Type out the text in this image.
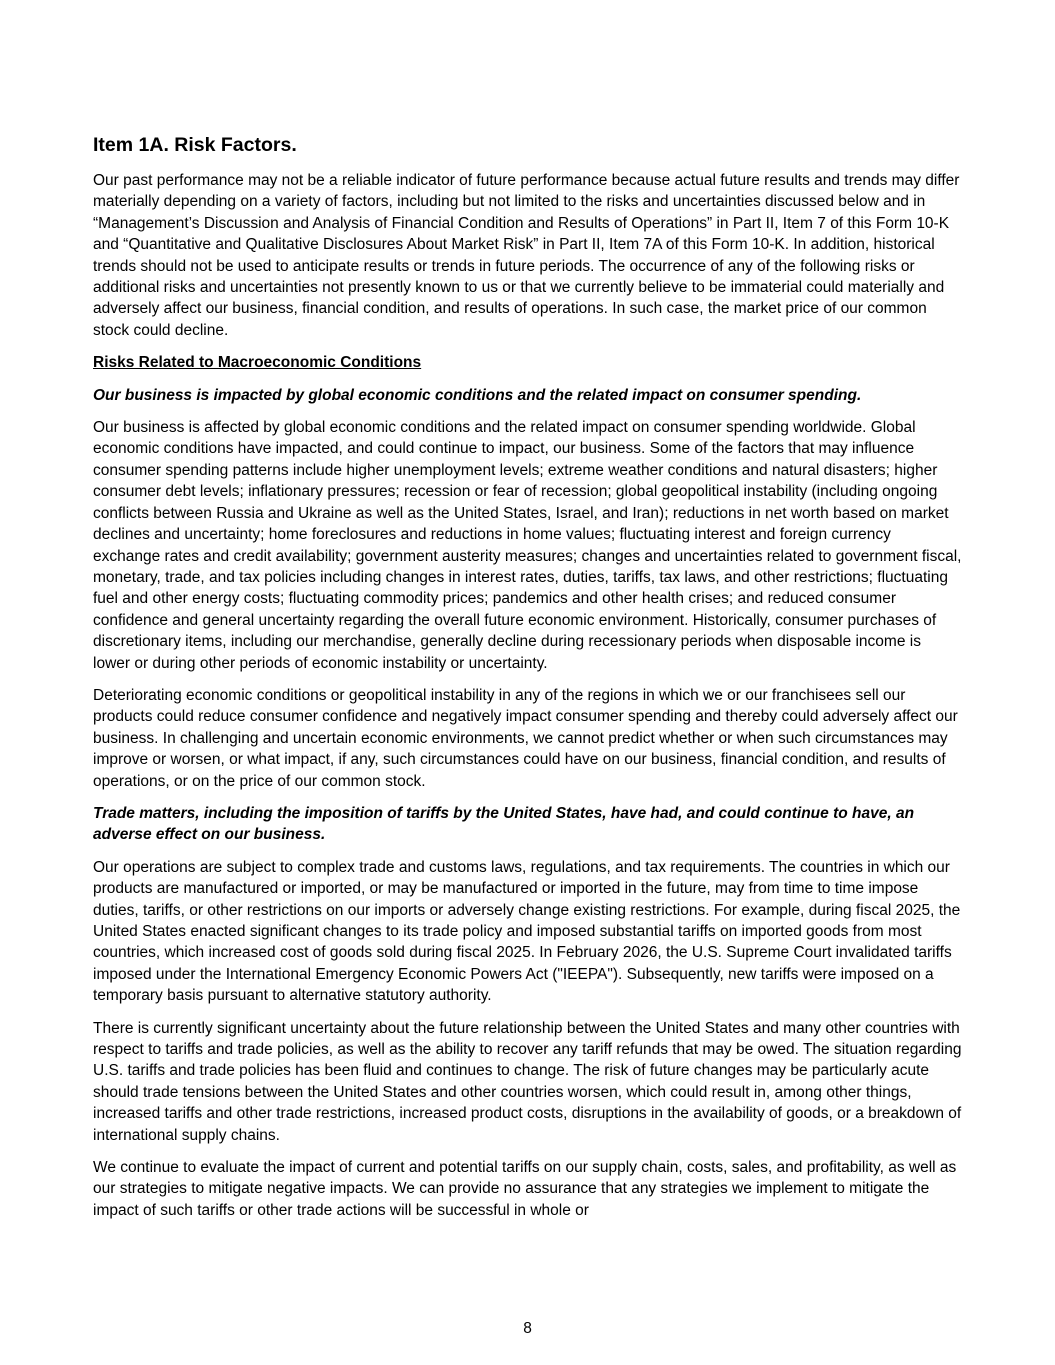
Item 1A. Risk Factors.

Our past performance may not be a reliable indicator of future performance because actual future results and trends may differ materially depending on a variety of factors, including but not limited to the risks and uncertainties discussed below and in “Management’s Discussion and Analysis of Financial Condition and Results of Operations” in Part II, Item 7 of this Form 10-K and “Quantitative and Qualitative Disclosures About Market Risk” in Part II, Item 7A of this Form 10-K. In addition, historical trends should not be used to anticipate results or trends in future periods. The occurrence of any of the following risks or additional risks and uncertainties not presently known to us or that we currently believe to be immaterial could materially and adversely affect our business, financial condition, and results of operations. In such case, the market price of our common stock could decline.

Risks Related to Macroeconomic Conditions
Our business is impacted by global economic conditions and the related impact on consumer spending.

Our business is affected by global economic conditions and the related impact on consumer spending worldwide. Global economic conditions have impacted, and could continue to impact, our business. Some of the factors that may influence consumer spending patterns include higher unemployment levels; extreme weather conditions and natural disasters; higher consumer debt levels; inflationary pressures; recession or fear of recession; global geopolitical instability (including ongoing conflicts between Russia and Ukraine as well as the United States, Israel, and Iran); reductions in net worth based on market declines and uncertainty; home foreclosures and reductions in home values; fluctuating interest and foreign currency exchange rates and credit availability; government austerity measures; changes and uncertainties related to government fiscal, monetary, trade, and tax policies including changes in interest rates, duties, tariffs, tax laws, and other restrictions; fluctuating fuel and other energy costs; fluctuating commodity prices; pandemics and other health crises; and reduced consumer confidence and general uncertainty regarding the overall future economic environment. Historically, consumer purchases of discretionary items, including our merchandise, generally decline during recessionary periods when disposable income is lower or during other periods of economic instability or uncertainty.

Deteriorating economic conditions or geopolitical instability in any of the regions in which we or our franchisees sell our products could reduce consumer confidence and negatively impact consumer spending and thereby could adversely affect our business. In challenging and uncertain economic environments, we cannot predict whether or when such circumstances may improve or worsen, or what impact, if any, such circumstances could have on our business, financial condition, and results of operations, or on the price of our common stock.

Trade matters, including the imposition of tariffs by the United States, have had, and could continue to have, an adverse effect on our business.

Our operations are subject to complex trade and customs laws, regulations, and tax requirements. The countries in which our products are manufactured or imported, or may be manufactured or imported in the future, may from time to time impose duties, tariffs, or other restrictions on our imports or adversely change existing restrictions. For example, during fiscal 2025, the United States enacted significant changes to its trade policy and imposed substantial tariffs on imported goods from most countries, which increased cost of goods sold during fiscal 2025. In February 2026, the U.S. Supreme Court invalidated tariffs imposed under the International Emergency Economic Powers Act ("IEEPA"). Subsequently, new tariffs were imposed on a temporary basis pursuant to alternative statutory authority.

There is currently significant uncertainty about the future relationship between the United States and many other countries with respect to tariffs and trade policies, as well as the ability to recover any tariff refunds that may be owed. The situation regarding U.S. tariffs and trade policies has been fluid and continues to change. The risk of future changes may be particularly acute should trade tensions between the United States and other countries worsen, which could result in, among other things, increased tariffs and other trade restrictions, increased product costs, disruptions in the availability of goods, or a breakdown of international supply chains.

We continue to evaluate the impact of current and potential tariffs on our supply chain, costs, sales, and profitability, as well as our strategies to mitigate negative impacts. We can provide no assurance that any strategies we implement to mitigate the impact of such tariffs or other trade actions will be successful in whole or

8
